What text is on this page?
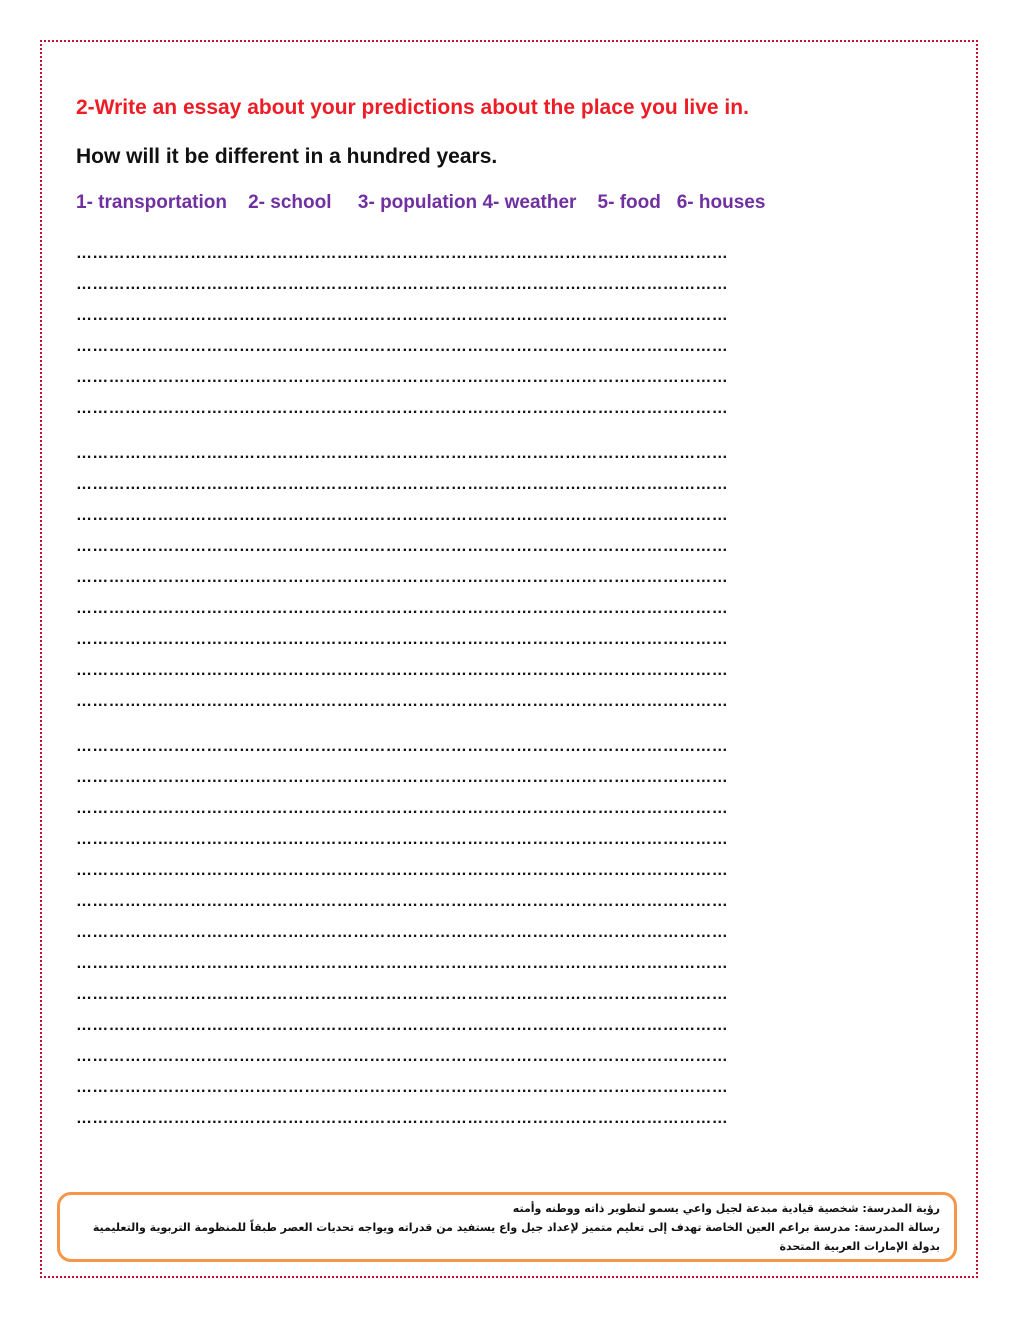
2-Write an essay about your predictions about the place you live in.
How will it be different in a hundred years.
1- transportation 2- school 3- population 4- weather 5- food 6- houses
…………………………………………………………………………………………………………
…………………………………………………………………………………………………………
…………………………………………………………………………………………………………
…………………………………………………………………………………………………………
…………………………………………………………………………………………………………
…………………………………………………………………………………………………………
…………………………………………………………………………………………………………
…………………………………………………………………………………………………………
…………………………………………………………………………………………………………
…………………………………………………………………………………………………………
…………………………………………………………………………………………………………
…………………………………………………………………………………………………………
…………………………………………………………………………………………………………
…………………………………………………………………………………………………………
…………………………………………………………………………………………………………
…………………………………………………………………………………………………………
…………………………………………………………………………………………………………
…………………………………………………………………………………………………………
…………………………………………………………………………………………………………
…………………………………………………………………………………………………………
…………………………………………………………………………………………………………
…………………………………………………………………………………………………………
…………………………………………………………………………………………………………
…………………………………………………………………………………………………………
…………………………………………………………………………………………………………
…………………………………………………………………………………………………………
…………………………………………………………………………………………………………
…………………………………………………………………………………………………………
رؤية المدرسة: شخصية قيادية مبدعة لجيل واعي يسمو لتطوير ذاته ووطنه وأمته
رسالة المدرسة: مدرسة براعم العين الخاصة تهدف إلى تعليم متميز لإعداد جيل واع يستفيد من قدراته ويواجه تحديات العصر طبقاً للمنظومة التربوية والتعليمية بدولة الإمارات العربية المتحدة
